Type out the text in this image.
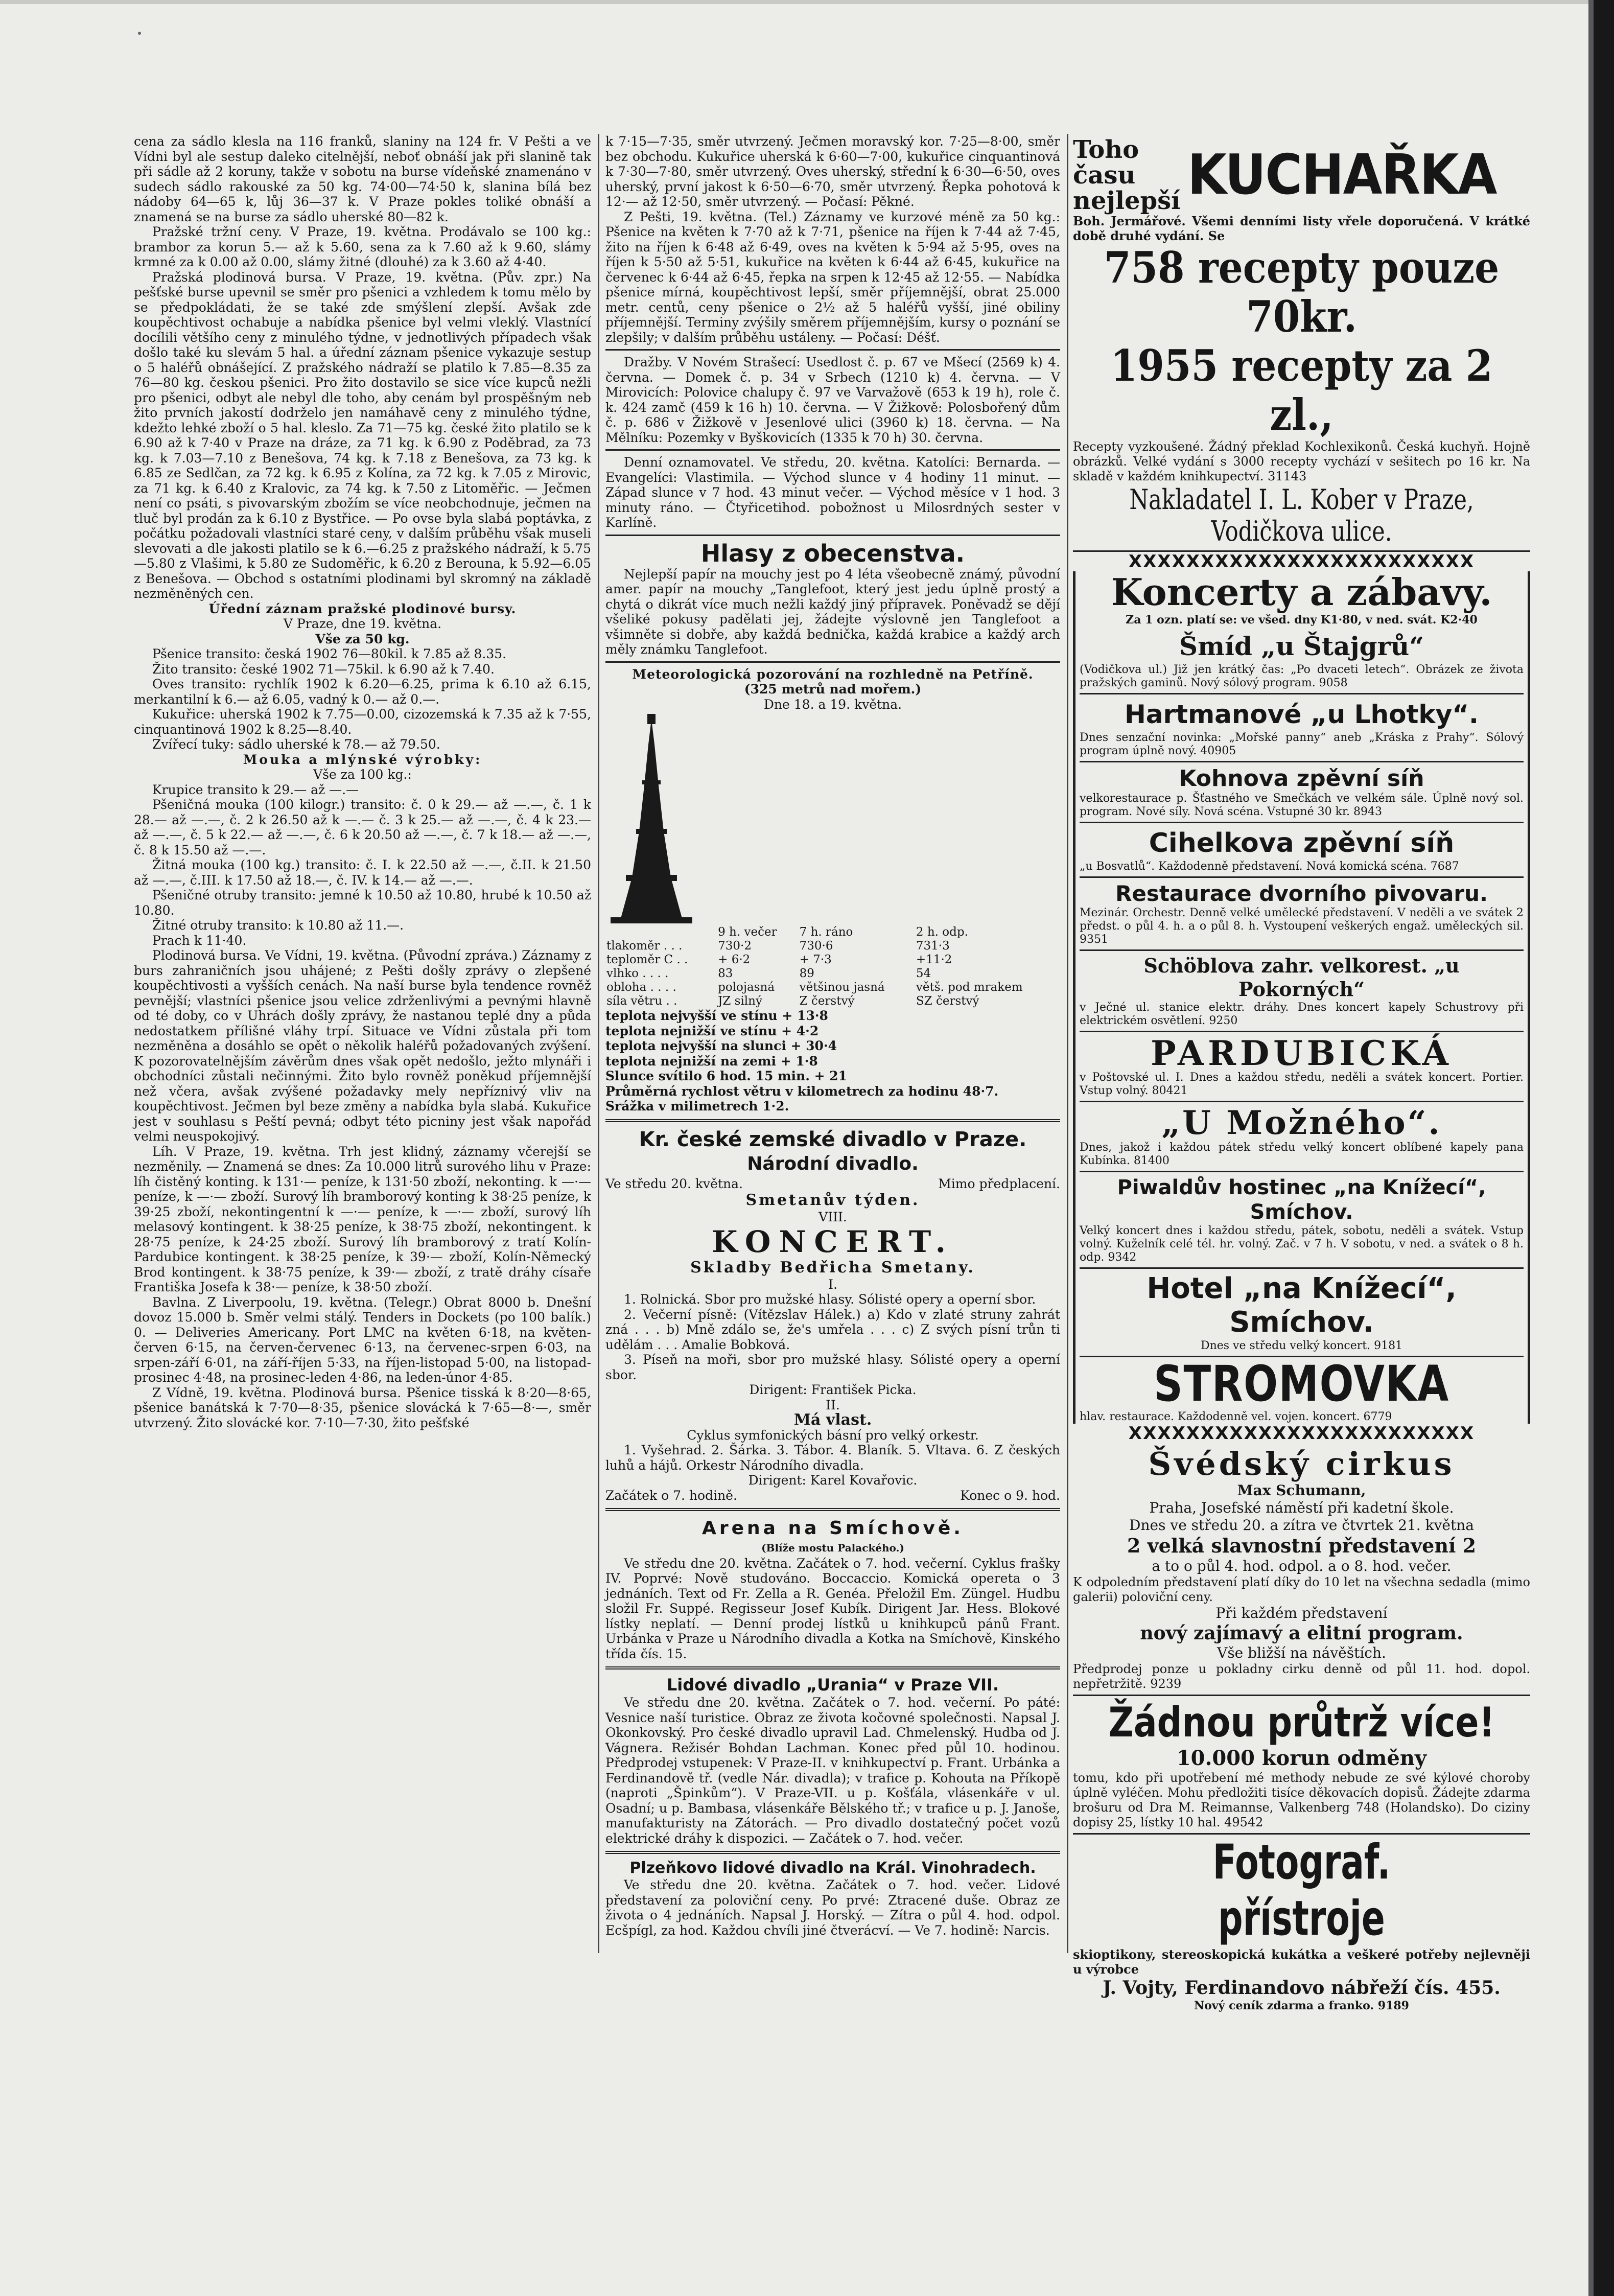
cena za sádlo klesla na 116 franků, slaniny na 124 fr. V Pešti a ve Vídni byl ale sestup daleko citelnější, neboť obnáší jak při slanině tak při sádle až 2 koruny, takže v sobotu na burse vídeňské znamenáno v sudech sádlo rakouské za 50 kg. 74·00—74·50 k, slanina bílá bez nádoby 64—65 k, lůj 36—37 k. V Praze pokles toliké obnáší a znamená se na burse za sádlo uherské 80—82 k.

Pražské tržní ceny. V Praze, 19. května. Prodávalo se 100 kg.: brambor za korun 5.— až k 5.60, sena za k 7.60 až k 9.60, slámy krmné za k 0.00 až 0.00, slámy žitné (dlouhé) za k 3.60 až 4·40.

Pražská plodinová bursa. V Praze, 19. května. (Pův. zpr.) Na pešťské burse upevnil se směr pro pšenici a vzhledem k tomu mělo by se předpokládati, že se také zde smýšlení zlepší. Avšak zde koupěchtivost ochabuje a nabídka pšenice byl velmi vleklý. Vlastnící docílili většího ceny z minulého týdne, v jednotlivých případech však došlo také ku slevám 5 hal. a úřední záznam pšenice vykazuje sestup o 5 haléřů obnášející. Z pražského nádraží se platilo k 7.85—8.35 za 76—80 kg. českou pšenici. Pro žito dostavilo se sice více kupců nežli pro pšenici, odbyt ale nebyl dle toho, aby cenám byl prospěšným neb žito prvních jakostí dodrželo jen namáhavě ceny z minulého týdne, kdežto lehké zboží o 5 hal. kleslo. Za 71—75 kg. české žito platilo se k 6.90 až k 7·40 v Praze na dráze, za 71 kg. k 6.90 z Poděbrad, za 73 kg. k 7.03—7.10 z Benešova, 74 kg. k 7.18 z Benešova, za 73 kg. k 6.85 ze Sedlčan, za 72 kg. k 6.95 z Kolína, za 72 kg. k 7.05 z Mirovic, za 71 kg. k 6.40 z Kralovic, za 74 kg. k 7.50 z Litoměřic. — Ječmen není co psáti, s pivovarským zbožím se více neobchodnuje, ječmen na tluč byl prodán za k 6.10 z Bystřice. — Po ovse byla slabá poptávka, z počátku požadovali vlastníci staré ceny, v dalším průběhu však museli slevovati a dle jakosti platilo se k 6.—6.25 z pražského nádraží, k 5.75—5.80 z Vlašimi, k 5.80 ze Sudoměřic, k 6.20 z Berouna, k 5.92—6.05 z Benešova. — Obchod s ostatními plodinami byl skromný na základě nezměněných cen.

Úřední záznam pražské plodinové bursy.

V Praze, dne 19. května.

Vše za 50 kg.

Pšenice transito: česká 1902 76—80kil. k 7.85 až 8.35.

Žito transito: české 1902 71—75kil. k 6.90 až k 7.40.

Oves transito: rychlík 1902 k 6.20—6.25, prima k 6.10 až 6.15, merkantilní k 6.— až 6.05, vadný k 0.— až 0.—.

Kukuřice: uherská 1902 k 7.75—0.00, cizozemská k 7.35 až k 7·55, cinquantinová 1902 k 8.25—8.40.

Zvířecí tuky: sádlo uherské k 78.— až 79.50.

Mouka a mlýnské výrobky:

Vše za 100 kg.:

Krupice transito k 29.— až —.—

Pšeničná mouka (100 kilogr.) transito: č. 0 k 29.— až —.—, č. 1 k 28.— až —.—, č. 2 k 26.50 až k —.— č. 3 k 25.— až —.—, č. 4 k 23.— až —.—, č. 5 k 22.— až —.—, č. 6 k 20.50 až —.—, č. 7 k 18.— až —.—, č. 8 k 15.50 až —.—.

Žitná mouka (100 kg.) transito: č. I. k 22.50 až —.—, č.II. k 21.50 až —.—, č.III. k 17.50 až 18.—, č. IV. k 14.— až —.—.

Pšeničné otruby transito: jemné k 10.50 až 10.80, hrubé k 10.50 až 10.80.

Žitné otruby transito: k 10.80 až 11.—.

Prach k 11·40.

Plodinová bursa. Ve Vídni, 19. května. (Původní zpráva.) Záznamy z burs zahraničních jsou uhájené; z Pešti došly zprávy o zlepšené koupěchtivosti a vyšších cenách. Na naší burse byla tendence rovněž pevnější; vlastníci pšenice jsou velice zdrženlivými a pevnými hlavně od té doby, co v Uhrách došly zprávy, že nastanou teplé dny a půda nedostatkem přílišné vláhy trpí. Situace ve Vídni zůstala při tom nezměněna a dosáhlo se opět o několik haléřů požadovaných zvýšení. K pozorovatelnějším závěrům dnes však opět nedošlo, ježto mlynáři i obchodníci zůstali nečinnými. Žito bylo rovněž poněkud příjemnější než včera, avšak zvýšené požadavky mely nepříznivý vliv na koupěchtivost. Ječmen byl beze změny a nabídka byla slabá. Kukuřice jest v souhlasu s Peští pevná; odbyt této picniny jest však napořád velmi neuspokojivý.

Líh. V Praze, 19. května. Trh jest klidný, záznamy včerejší se nezměnily. — Znamená se dnes: Za 10.000 litrů surového lihu v Praze: líh čistěný konting. k 131·— peníze, k 131·50 zboží, nekonting. k —·— peníze, k —·— zboží. Surový líh bramborový konting k 38·25 peníze, k 39·25 zboží, nekontingentní k —·— peníze, k —·— zboží, surový líh melasový kontingent. k 38·25 peníze, k 38·75 zboží, nekontingent. k 28·75 peníze, k 24·25 zboží. Surový líh bramborový z tratí Kolín-Pardubice kontingent. k 38·25 peníze, k 39·— zboží, Kolín-Německý Brod kontingent. k 38·75 peníze, k 39·— zboží, z tratě dráhy císaře Františka Josefa k 38·— peníze, k 38·50 zboží.

Bavlna. Z Liverpoolu, 19. května. (Telegr.) Obrat 8000 b. Dnešní dovoz 15.000 b. Směr velmi stálý. Tenders in Dockets (po 100 balík.) 0. — Deliveries Americany. Port LMC na květen 6·18, na květen-červen 6·15, na červen-červenec 6·13, na červenec-srpen 6·03, na srpen-září 6·01, na září-říjen 5·33, na říjen-listopad 5·00, na listopad-prosinec 4·48, na prosinec-leden 4·86, na leden-únor 4·85.

Z Vídně, 19. května. Plodinová bursa. Pšenice tisská k 8·20—8·65, pšenice banátská k 7·70—8·35, pšenice slovácká k 7·65—8·—, směr utvrzený. Žito slovácké kor. 7·10—7·30, žito pešťské

k 7·15—7·35, směr utvrzený. Ječmen moravský kor. 7·25—8·00, směr bez obchodu. Kukuřice uherská k 6·60—7·00, kukuřice cinquantinová k 7·30—7·80, směr utvrzený. Oves uherský, střední k 6·30—6·50, oves uherský, první jakost k 6·50—6·70, směr utvrzený. Řepka pohotová k 12·— až 12·50, směr utvrzený. — Počasí: Pěkné.

Z Pešti, 19. května. (Tel.) Záznamy ve kurzové méně za 50 kg.: Pšenice na květen k 7·70 až k 7·71, pšenice na říjen k 7·44 až 7·45, žito na říjen k 6·48 až 6·49, oves na květen k 5·94 až 5·95, oves na říjen k 5·50 až 5·51, kukuřice na květen k 6·44 až 6·45, kukuřice na červenec k 6·44 až 6·45, řepka na srpen k 12·45 až 12·55. — Nabídka pšenice mírná, koupěchtivost lepší, směr příjemnější, obrat 25.000 metr. centů, ceny pšenice o 2½ až 5 haléřů vyšší, jiné obiliny příjemnější. Terminy zvýšily směrem příjemnějším, kursy o poznání se zlepšily; v dalším průběhu ustáleny. — Počasí: Déšť.

Dražby. V Novém Strašecí: Usedlost č. p. 67 ve Mšecí (2569 k) 4. června. — Domek č. p. 34 v Srbech (1210 k) 4. června. — V Mirovicích: Polovice chalupy č. 97 ve Varvažově (653 k 19 h), role č. k. 424 zamč (459 k 16 h) 10. června. — V Žižkově: Polosbořený dům č. p. 686 v Žižkově v Jesenlové ulici (3960 k) 18. června. — Na Mělníku: Pozemky v Byškovicích (1335 k 70 h) 30. června.

Denní oznamovatel. Ve středu, 20. května. Katolíci: Bernarda. — Evangelíci: Vlastimila. — Východ slunce v 4 hodiny 11 minut. — Západ slunce v 7 hod. 43 minut večer. — Východ měsíce v 1 hod. 3 minuty ráno. — Čtyřicetihod. pobožnost u Milosrdných sester v Karlíně.

Hlasy z obecenstva.

Nejlepší papír na mouchy jest po 4 léta všeobecně známý, původní amer. papír na mouchy „Tanglefoot, který jest jedu úplně prostý a chytá o dikrát více much nežli každý jiný přípravek. Poněvadž se dějí všeliké pokusy padělati jej, žádejte výslovně jen Tanglefoot a všimněte si dobře, aby každá bednička, každá krabice a každý arch měly známku Tanglefoot.

Meteorologická pozorování na rozhledně na Petříně.

(325 metrů nad mořem.)

Dne 18. a 19. května.

	9 h. večer	7 h. ráno	2 h. odp.
tlakoměr . . .	730·2	730·6	731·3
teploměr C . .	+ 6·2	+ 7·3	+11·2
vlhko . . . .	83	89	54
obloha . . . .	polojasná	většinou jasná	větš. pod mrakem
síla větru . .	JZ silný	Z čerstvý	SZ čerstvý

teplota nejvyšší ve stínu + 13·8

teplota nejnižší ve stínu + 4·2

teplota nejvyšší na slunci + 30·4

teplota nejnižší na zemi + 1·8

Slunce svítilo 6 hod. 15 min. + 21

Průměrná rychlost větru v kilometrech za hodinu 48·7.

Srážka v milimetrech 1·2.

Kr. české zemské divadlo v Praze.

Národní divadlo.

Ve středu 20. května.	Mimo předplacení.

Smetanův týden.

VIII.

KONCERT.

Skladby Bedřicha Smetany.

I.

1. Rolnická. Sbor pro mužské hlasy. Sólisté opery a operní sbor.

2. Večerní písně: (Vítězslav Hálek.) a) Kdo v zlaté struny zahrát zná . . . b) Mně zdálo se, že's umřela . . . c) Z svých písní trůn ti udělám . . . Amalie Bobková.

3. Píseň na moři, sbor pro mužské hlasy. Sólisté opery a operní sbor.

Dirigent: František Picka.

II.

Má vlast.

Cyklus symfonických básní pro velký orkestr.

1. Vyšehrad. 2. Šárka. 3. Tábor. 4. Blaník. 5. Vltava. 6. Z českých luhů a hájů. Orkestr Národního divadla.

Dirigent: Karel Kovařovic.

Začátek o 7. hodině.	Konec o 9. hod.

Arena na Smíchově.

(Blíže mostu Palackého.)

Ve středu dne 20. května. Začátek o 7. hod. večerní. Cyklus frašky IV. Poprvé: Nově studováno. Boccaccio. Komická opereta o 3 jednáních. Text od Fr. Zella a R. Genéa. Přeložil Em. Züngel. Hudbu složil Fr. Suppé. Regisseur Josef Kubík. Dirigent Jar. Hess. Blokové lístky neplatí. — Denní prodej lístků u knihkupců pánů Frant. Urbánka v Praze u Národního divadla a Kotka na Smíchově, Kinského třída čís. 15.

Lidové divadlo „Urania“ v Praze VII.

Ve středu dne 20. května. Začátek o 7. hod. večerní. Po páté: Vesnice naší turistice. Obraz ze života kočovné společnosti. Napsal J. Okonkovský. Pro české divadlo upravil Lad. Chmelenský. Hudba od J. Vágnera. Režisér Bohdan Lachman. Konec před půl 10. hodinou. Předprodej vstupenek: V Praze-II. v knihkupectví p. Frant. Urbánka a Ferdinandově tř. (vedle Nár. divadla); v trafice p. Kohouta na Příkopě (naproti „Špinkům“). V Praze-VII. u p. Košťála, vlásenkáře v ul. Osadní; u p. Bambasa, vlásenkáře Bělského tř.; v trafice u p. J. Janoše, manufakturisty na Zátorách. — Pro divadlo dostatečný počet vozů elektrické dráhy k dispozici. — Začátek o 7. hod. večer.

Plzeňkovo lidové divadlo na Král. Vinohradech.

Ve středu dne 20. května. Začátek o 7. hod. večer. Lidové představení za poloviční ceny. Po prvé: Ztracené duše. Obraz ze života o 4 jednáních. Napsal J. Horský. — Zítra o půl 4. hod. odpol. Ecšpígl, za hod. Každou chvíli jiné čtverácví. — Ve 7. hodině: Narcis.

Toho
času
nejlepší KUCHAŘKA

Boh. Jermářové. Všemi denními listy vřele doporučená. V krátké době druhé vydání. Se

758 recepty pouze 70kr.

1955 recepty za 2 zl.,

Recepty vyzkoušené. Žádný překlad Kochlexikonů. Česká kuchyň. Hojně obrázků. Velké vydání s 3000 recepty vychází v sešitech po 16 kr. Na skladě v každém knihkupectví. 31143

Nakladatel I. L. Kober v Praze, Vodičkova ulice.

XXXXXXXXXXXXXXXXXXXXXXXX

Koncerty a zábavy.

Za 1 ozn. platí se: ve všed. dny K1·80, v ned. svát. K2·40

Šmíd „u Štajgrů“

(Vodičkova ul.) Již jen krátký čas: „Po dvaceti letech“. Obrázek ze života pražských gaminů. Nový sólový program. 9058

Hartmanové „u Lhotky“.

Dnes senzační novinka: „Mořské panny“ aneb „Kráska z Prahy“. Sólový program úplně nový. 40905

Kohnova zpěvní síň

velkorestaurace p. Šťastného ve Smečkách ve velkém sále. Úplně nový sol. program. Nové síly. Nová scéna. Vstupné 30 kr. 8943

Cihelkova zpěvní síň

„u Bosvatlů“. Každodenně představení. Nová komická scéna. 7687

Restaurace dvorního pivovaru.

Mezinár. Orchestr. Denně velké umělecké představení. V neděli a ve svátek 2 předst. o půl 4. h. a o půl 8. h. Vystoupení veškerých engaž. uměleckých sil. 9351

Schöblova zahr. velkorest. „u Pokorných“

v Ječné ul. stanice elektr. dráhy. Dnes koncert kapely Schustrovy při elektrickém osvětlení. 9250

PARDUBICKÁ

v Poštovské ul. I. Dnes a každou středu, neděli a svátek koncert. Portier. Vstup volný. 80421

„U Možného“.

Dnes, jakož i každou pátek středu velký koncert oblíbené kapely pana Kubínka. 81400

Piwaldův hostinec „na Knížecí“, Smíchov.

Velký koncert dnes i každou středu, pátek, sobotu, neděli a svátek. Vstup volný. Kuželník celé tél. hr. volný. Zač. v 7 h. V sobotu, v ned. a svátek o 8 h. odp. 9342

Hotel „na Knížecí“, Smíchov.

Dnes ve středu velký koncert. 9181

STROMOVKA

hlav. restaurace. Každodenně vel. vojen. koncert. 6779

XXXXXXXXXXXXXXXXXXXXXXXX

Švédský cirkus

Max Schumann,

Praha, Josefské náměstí při kadetní škole.

Dnes ve středu 20. a zítra ve čtvrtek 21. května

2 velká slavnostní představení 2

a to o půl 4. hod. odpol. a o 8. hod. večer.

K odpoledním představení platí díky do 10 let na všechna sedadla (mimo galerii) poloviční ceny.

Při každém představení

nový zajímavý a elitní program.

Vše bližší na návěštích.

Předprodej ponze u pokladny cirku denně od půl 11. hod. dopol. nepřetržitě. 9239

Žádnou průtrž více!

10.000 korun odměny

tomu, kdo při upotřebení mé methody nebude ze své kýlové choroby úplně vyléčen. Mohu předložiti tisíce děkovacích dopisů. Žádejte zdarma brošuru od Dra M. Reimannse, Valkenberg 748 (Holandsko). Do ciziny dopisy 25, lístky 10 hal. 49542

Fotograf. přístroje

skioptikony, stereoskopická kukátka a veškeré potřeby nejlevněji u výrobce

J. Vojty, Ferdinandovo nábřeží čís. 455.

Nový ceník zdarma a franko. 9189
